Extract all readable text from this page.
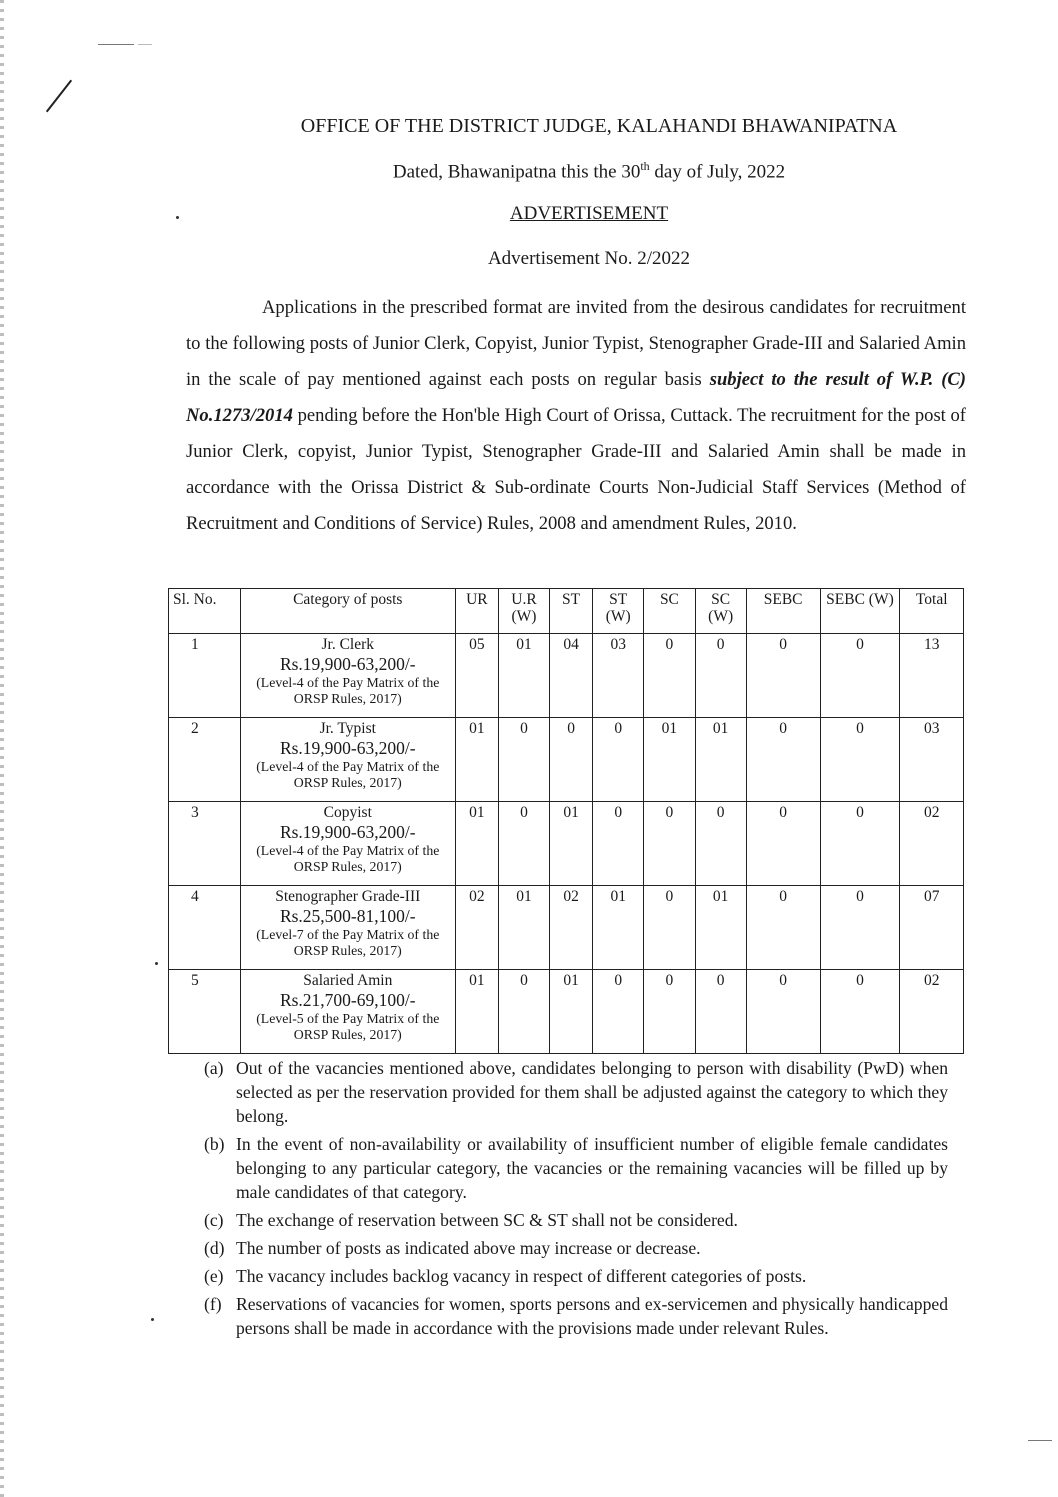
OFFICE OF THE DISTRICT JUDGE, KALAHANDI BHAWANIPATNA
Dated, Bhawanipatna this the 30th day of July, 2022
ADVERTISEMENT
Advertisement No. 2/2022

Applications in the prescribed format are invited from the desirous candidates for recruitment to the following posts of Junior Clerk, Copyist, Junior Typist, Stenographer Grade-III and Salaried Amin in the scale of pay mentioned against each posts on regular basis subject to the result of W.P. (C) No.1273/2014 pending before the Hon'ble High Court of Orissa, Cuttack. The recruitment for the post of Junior Clerk, copyist, Junior Typist, Stenographer Grade-III and Salaried Amin shall be made in accordance with the Orissa District & Sub-ordinate Courts Non-Judicial Staff Services (Method of Recruitment and Conditions of Service) Rules, 2008 and amendment Rules, 2010.

Sl. No.	Category of posts	UR	U.R (W)	ST	ST (W)	SC	SC (W)	SEBC	SEBC (W)	Total
1	Jr. Clerk
Rs.19,900-63,200/-
(Level-4 of the Pay Matrix of the ORSP Rules, 2017)	05	01	04	03	0	0	0	0	13
2	Jr. Typist
Rs.19,900-63,200/-
(Level-4 of the Pay Matrix of the ORSP Rules, 2017)	01	0	0	0	01	01	0	0	03
3	Copyist
Rs.19,900-63,200/-
(Level-4 of the Pay Matrix of the ORSP Rules, 2017)	01	0	01	0	0	0	0	0	02
4	Stenographer Grade-III
Rs.25,500-81,100/-
(Level-7 of the Pay Matrix of the ORSP Rules, 2017)	02	01	02	01	0	01	0	0	07
5	Salaried Amin
Rs.21,700-69,100/-
(Level-5 of the Pay Matrix of the ORSP Rules, 2017)	01	0	01	0	0	0	0	0	02
(a) Out of the vacancies mentioned above, candidates belonging to person with disability (PwD) when selected as per the reservation provided for them shall be adjusted against the category to which they belong.
(b) In the event of non-availability or availability of insufficient number of eligible female candidates belonging to any particular category, the vacancies or the remaining vacancies will be filled up by male candidates of that category.
(c) The exchange of reservation between SC & ST shall not be considered.
(d) The number of posts as indicated above may increase or decrease.
(e) The vacancy includes backlog vacancy in respect of different categories of posts.
(f) Reservations of vacancies for women, sports persons and ex-servicemen and physically handicapped persons shall be made in accordance with the provisions made under relevant Rules.
